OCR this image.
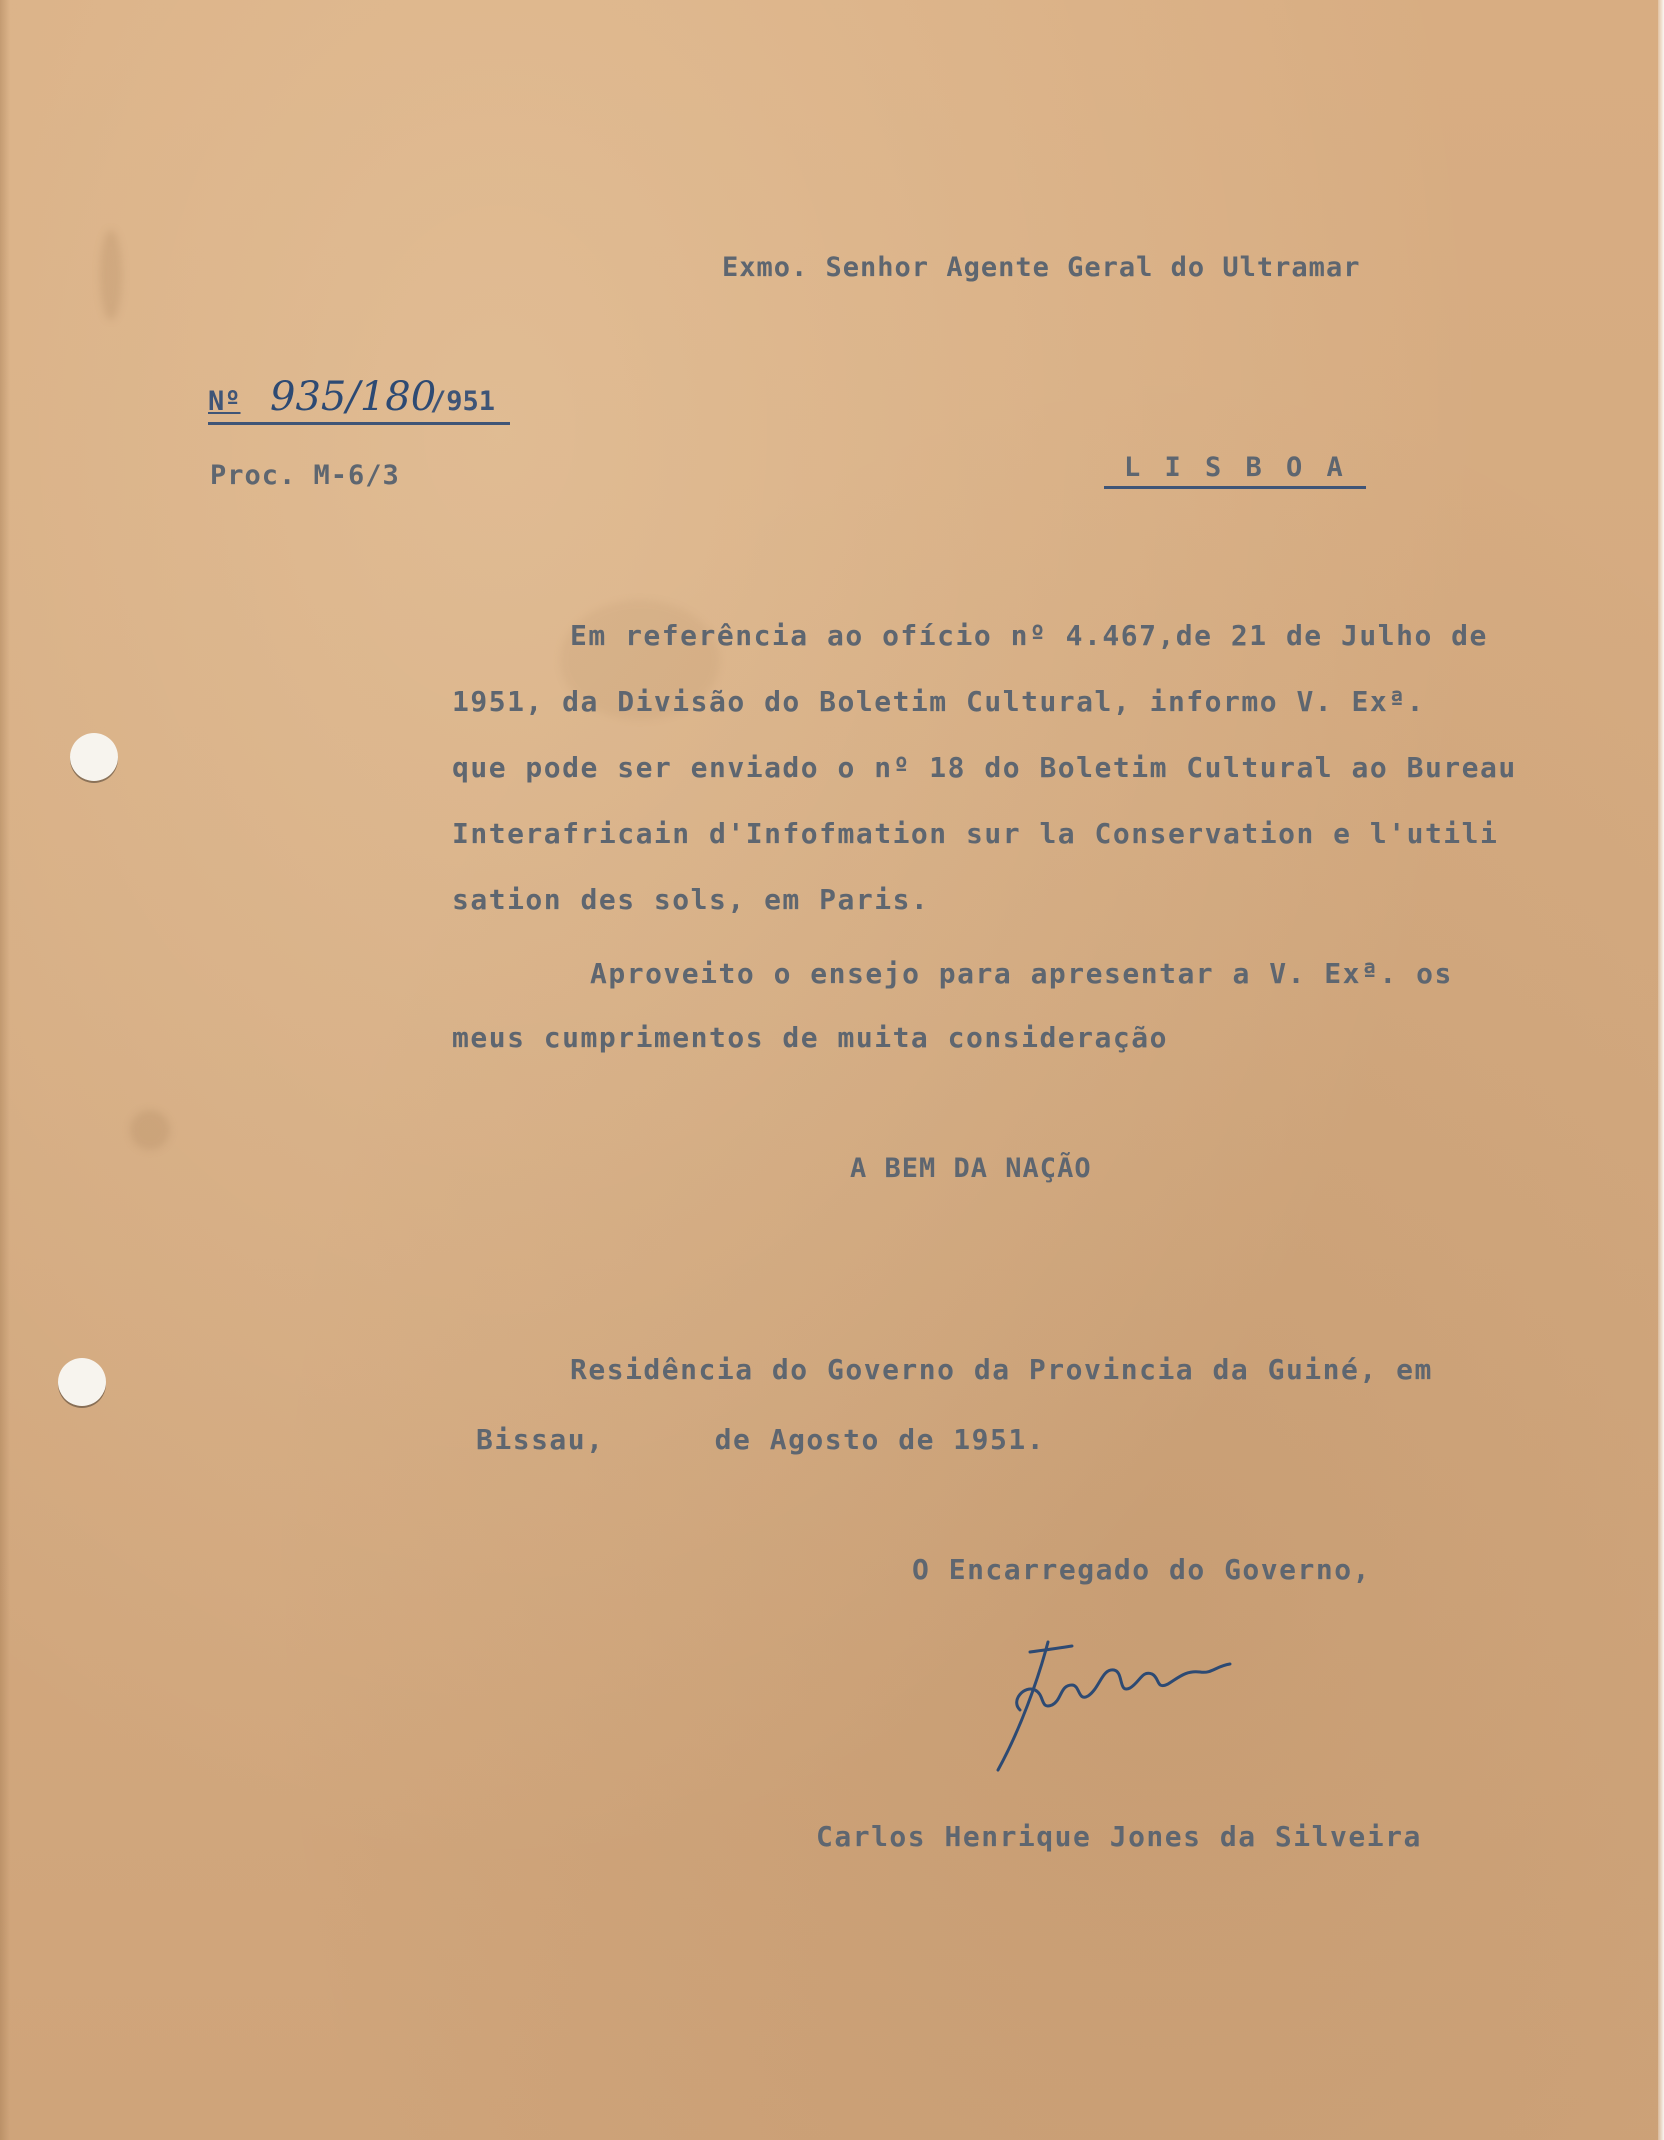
Exmo. Senhor Agente Geral do Ultramar
Nº 935/180
/951
Proc. M-6/3	L I S B O A
Em referência ao ofício nº 4.467,de 21 de Julho de
1951, da Divisão do Boletim Cultural, informo V. Exª.
que pode ser enviado o nº 18 do Boletim Cultural ao Bureau
Interafricain d'Infofmation sur la Conservation e l'utili
sation des sols, em Paris.
Aproveito o ensejo para apresentar a V. Exª. os
meus cumprimentos de muita consideração
A BEM DA NAÇÃO
Residência do Governo da Provincia da Guiné, em
Bissau,      de Agosto de 1951.
O Encarregado do Governo,
Carlos Henrique Jones da Silveira
